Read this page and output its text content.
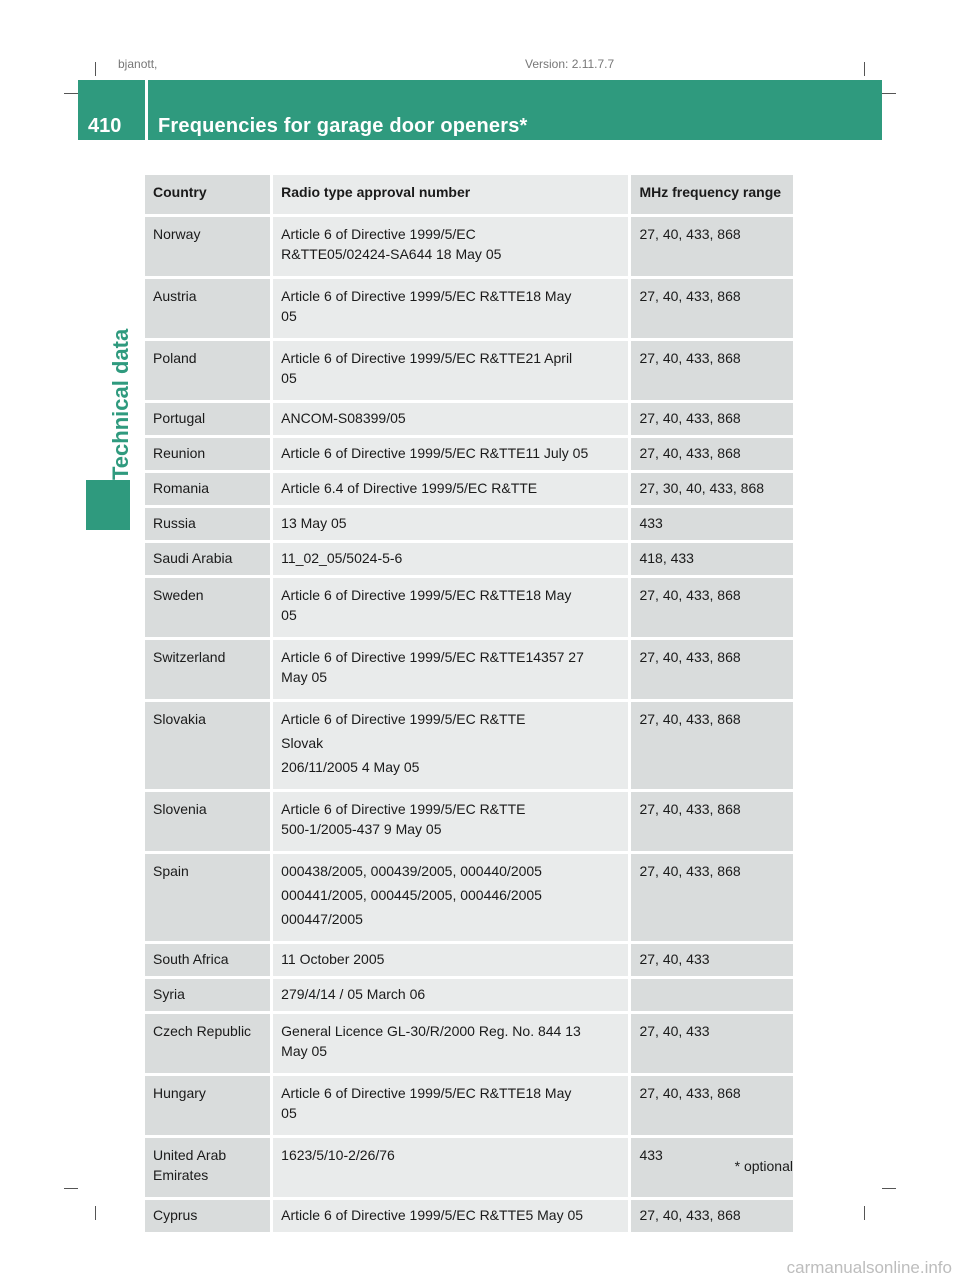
bjanott,	Version: 2.11.7.7
410 Frequencies for garage door openers*
Technical data
Country	Radio type approval number	MHz frequency range
Norway	Article 6 of Directive 1999/5/EC
R&TTE05/02424-SA644 18 May 05	27, 40, 433, 868
Austria	Article 6 of Directive 1999/5/EC R&TTE18 May
05	27, 40, 433, 868
Poland	Article 6 of Directive 1999/5/EC R&TTE21 April
05	27, 40, 433, 868
Portugal	ANCOM-S08399/05	27, 40, 433, 868
Reunion	Article 6 of Directive 1999/5/EC R&TTE11 July 05	27, 40, 433, 868
Romania	Article 6.4 of Directive 1999/5/EC R&TTE	27, 30, 40, 433, 868
Russia	13 May 05	433
Saudi Arabia	11_02_05/5024-5-6	418, 433
Sweden	Article 6 of Directive 1999/5/EC R&TTE18 May
05	27, 40, 433, 868
Switzerland	Article 6 of Directive 1999/5/EC R&TTE14357 27
May 05	27, 40, 433, 868
Slovakia	Article 6 of Directive 1999/5/EC R&TTE
Slovak
206/11/2005 4 May 05	27, 40, 433, 868
Slovenia	Article 6 of Directive 1999/5/EC R&TTE
500-1/2005-437 9 May 05	27, 40, 433, 868
Spain	000438/2005, 000439/2005, 000440/2005
000441/2005, 000445/2005, 000446/2005
000447/2005	27, 40, 433, 868
South Africa	11 October 2005	27, 40, 433
Syria	279/4/14 / 05 March 06	

Czech Republic	General Licence GL-30/R/2000 Reg. No. 844 13
May 05	27, 40, 433
Hungary	Article 6 of Directive 1999/5/EC R&TTE18 May
05	27, 40, 433, 868
United Arab Emirates	1623/5/10-2/26/76	433
Cyprus	Article 6 of Directive 1999/5/EC R&TTE5 May 05	27, 40, 433, 868
* optional
carmanualsonline.info
